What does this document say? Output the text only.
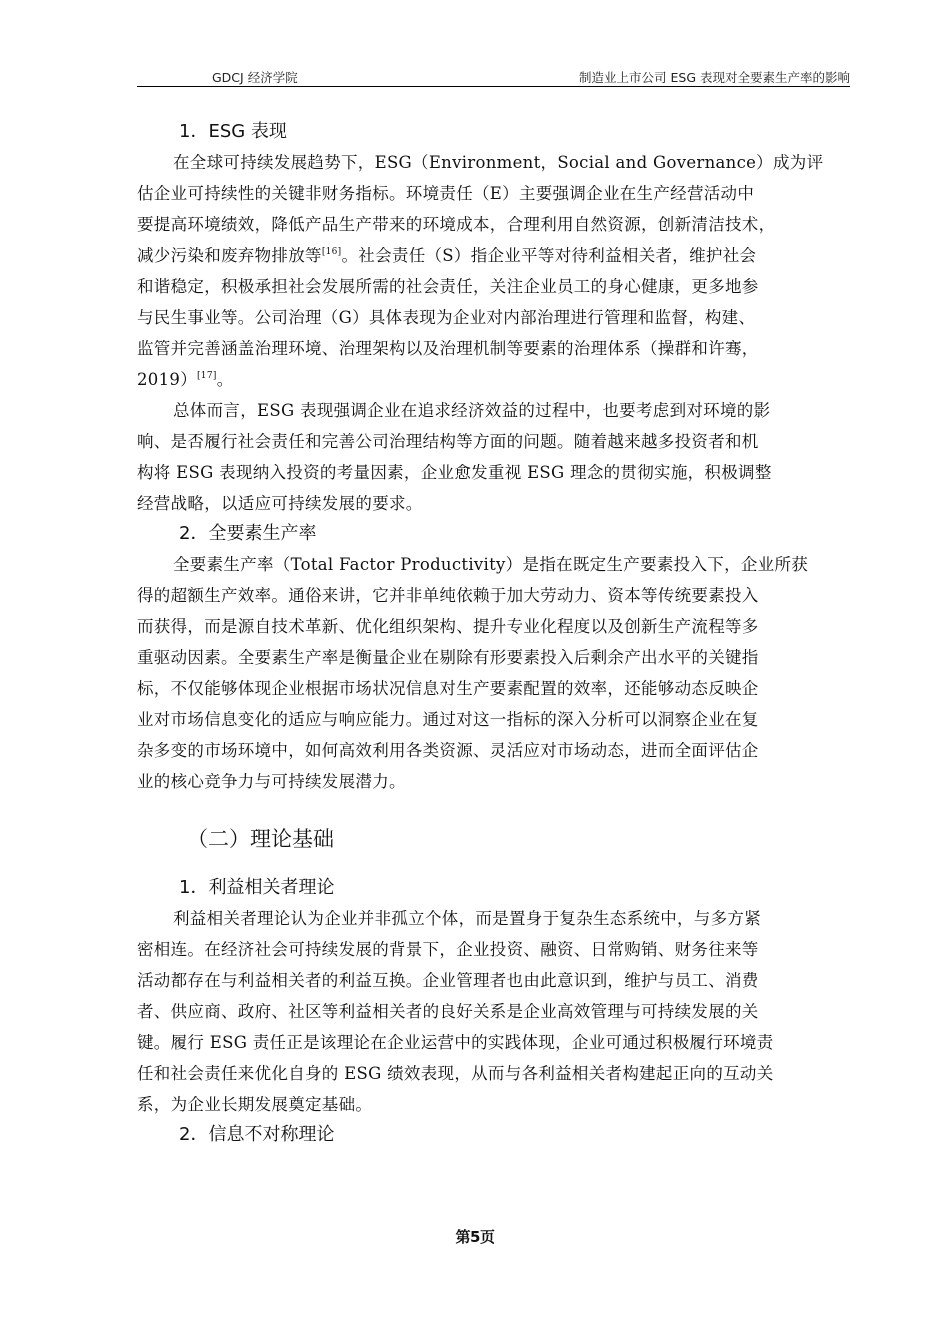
GDCJ 经济学院	制造业上市公司 ESG 表现对全要素生产率的影响
1．ESG 表现
在全球可持续发展趋势下，ESG（Environment，Social and Governance）成为评
估企业可持续性的关键非财务指标。环境责任（E）主要强调企业在生产经营活动中
要提高环境绩效，降低产品生产带来的环境成本，合理利用自然资源，创新清洁技术，
减少污染和废弃物排放等[16]。社会责任（S）指企业平等对待利益相关者，维护社会
和谐稳定，积极承担社会发展所需的社会责任，关注企业员工的身心健康，更多地参
与民生事业等。公司治理（G）具体表现为企业对内部治理进行管理和监督，构建、
监管并完善涵盖治理环境、治理架构以及治理机制等要素的治理体系（操群和许骞，
2019）[17]。
总体而言，ESG 表现强调企业在追求经济效益的过程中，也要考虑到对环境的影
响、是否履行社会责任和完善公司治理结构等方面的问题。随着越来越多投资者和机
构将 ESG 表现纳入投资的考量因素，企业愈发重视 ESG 理念的贯彻实施，积极调整
经营战略，以适应可持续发展的要求。
2．全要素生产率
全要素生产率（Total Factor Productivity）是指在既定生产要素投入下，企业所获
得的超额生产效率。通俗来讲，它并非单纯依赖于加大劳动力、资本等传统要素投入
而获得，而是源自技术革新、优化组织架构、提升专业化程度以及创新生产流程等多
重驱动因素。全要素生产率是衡量企业在剔除有形要素投入后剩余产出水平的关键指
标，不仅能够体现企业根据市场状况信息对生产要素配置的效率，还能够动态反映企
业对市场信息变化的适应与响应能力。通过对这一指标的深入分析可以洞察企业在复
杂多变的市场环境中，如何高效利用各类资源、灵活应对市场动态，进而全面评估企
业的核心竞争力与可持续发展潜力。
（二）理论基础
1．利益相关者理论
利益相关者理论认为企业并非孤立个体，而是置身于复杂生态系统中，与多方紧
密相连。在经济社会可持续发展的背景下，企业投资、融资、日常购销、财务往来等
活动都存在与利益相关者的利益互换。企业管理者也由此意识到，维护与员工、消费
者、供应商、政府、社区等利益相关者的良好关系是企业高效管理与可持续发展的关
键。履行 ESG 责任正是该理论在企业运营中的实践体现，企业可通过积极履行环境责
任和社会责任来优化自身的 ESG 绩效表现，从而与各利益相关者构建起正向的互动关
系，为企业长期发展奠定基础。
2．信息不对称理论
第5页
